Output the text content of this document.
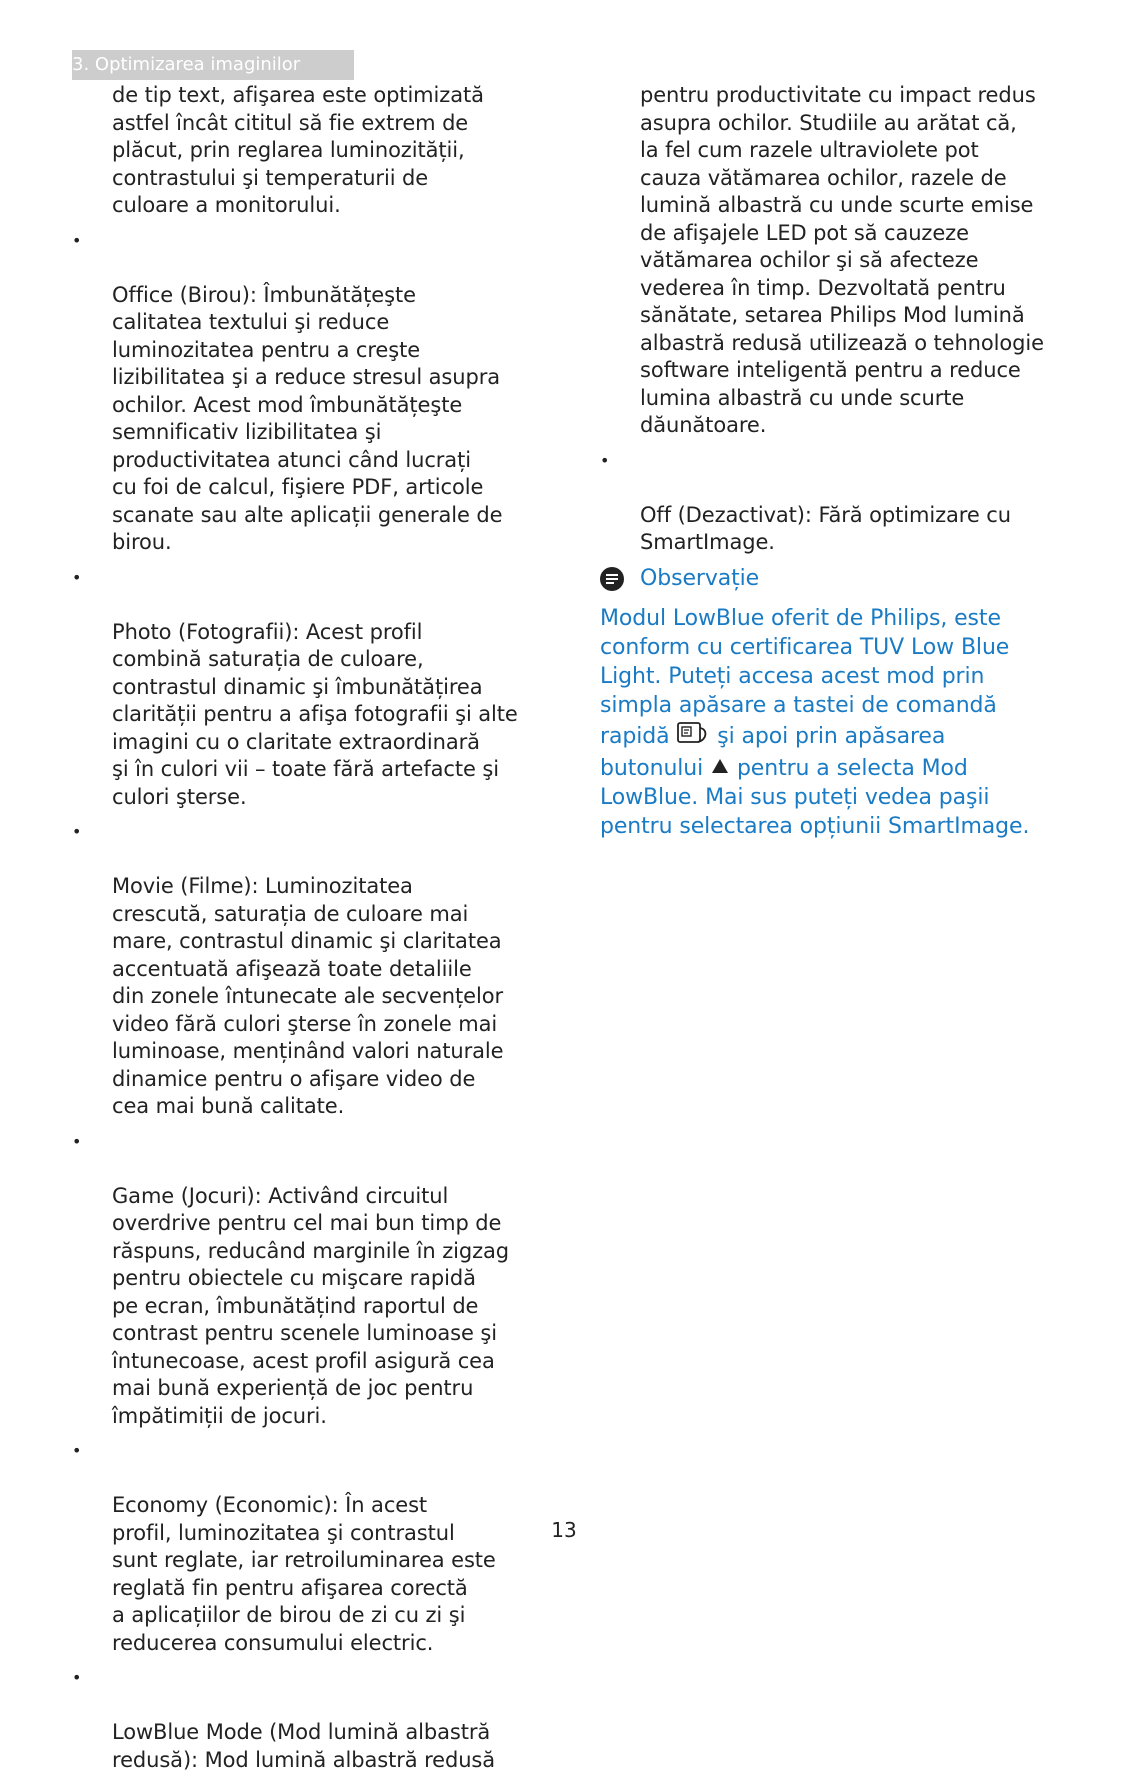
3. Optimizarea imaginilor

de tip text, afişarea este optimizată
astfel încât cititul să fie extrem de
plăcut, prin reglarea luminozității,
contrastului şi temperaturii de
culoare a monitorului.

•

Office (Birou): Îmbunătățeşte
calitatea textului şi reduce
luminozitatea pentru a creşte
lizibilitatea şi a reduce stresul asupra
ochilor. Acest mod îmbunătățeşte
semnificativ lizibilitatea şi
productivitatea atunci când lucrați
cu foi de calcul, fişiere PDF, articole
scanate sau alte aplicații generale de
birou.

•

Photo (Fotografii): Acest profil
combină saturația de culoare,
contrastul dinamic şi îmbunătățirea
clarității pentru a afişa fotografii şi alte
imagini cu o claritate extraordinară
şi în culori vii – toate fără artefacte şi
culori şterse.

•

Movie (Filme): Luminozitatea
crescută, saturația de culoare mai
mare, contrastul dinamic şi claritatea
accentuată afişează toate detaliile
din zonele întunecate ale secvențelor
video fără culori şterse în zonele mai
luminoase, menținând valori naturale
dinamice pentru o afişare video de
cea mai bună calitate.

•

Game (Jocuri): Activând circuitul
overdrive pentru cel mai bun timp de
răspuns, reducând marginile în zigzag
pentru obiectele cu mişcare rapidă
pe ecran, îmbunătățind raportul de
contrast pentru scenele luminoase şi
întunecoase, acest profil asigură cea
mai bună experiență de joc pentru
împătimiții de jocuri.

•

Economy (Economic): În acest
profil, luminozitatea şi contrastul
sunt reglate, iar retroiluminarea este
reglată fin pentru afişarea corectă
a aplicațiilor de birou de zi cu zi şi
reducerea consumului electric.

•

LowBlue Mode (Mod lumină albastră
redusă): Mod lumină albastră redusă

pentru productivitate cu impact redus
asupra ochilor. Studiile au arătat că,
la fel cum razele ultraviolete pot
cauza vătămarea ochilor, razele de
lumină albastră cu unde scurte emise
de afişajele LED pot să cauzeze
vătămarea ochilor şi să afecteze
vederea în timp. Dezvoltată pentru
sănătate, setarea Philips Mod lumină
albastră redusă utilizează o tehnologie
software inteligentă pentru a reduce
lumina albastră cu unde scurte
dăunătoare.

•

Off (Dezactivat): Fără optimizare cu
SmartImage.

Observație

Modul LowBlue oferit de Philips, este
conform cu certificarea TUV Low Blue
Light. Puteți accesa acest mod prin
simpla apăsare a tastei de comandă
rapidă  şi apoi prin apăsarea
butonului  pentru a selecta Mod
LowBlue. Mai sus puteți vedea paşii
pentru selectarea opțiunii SmartImage.

13
